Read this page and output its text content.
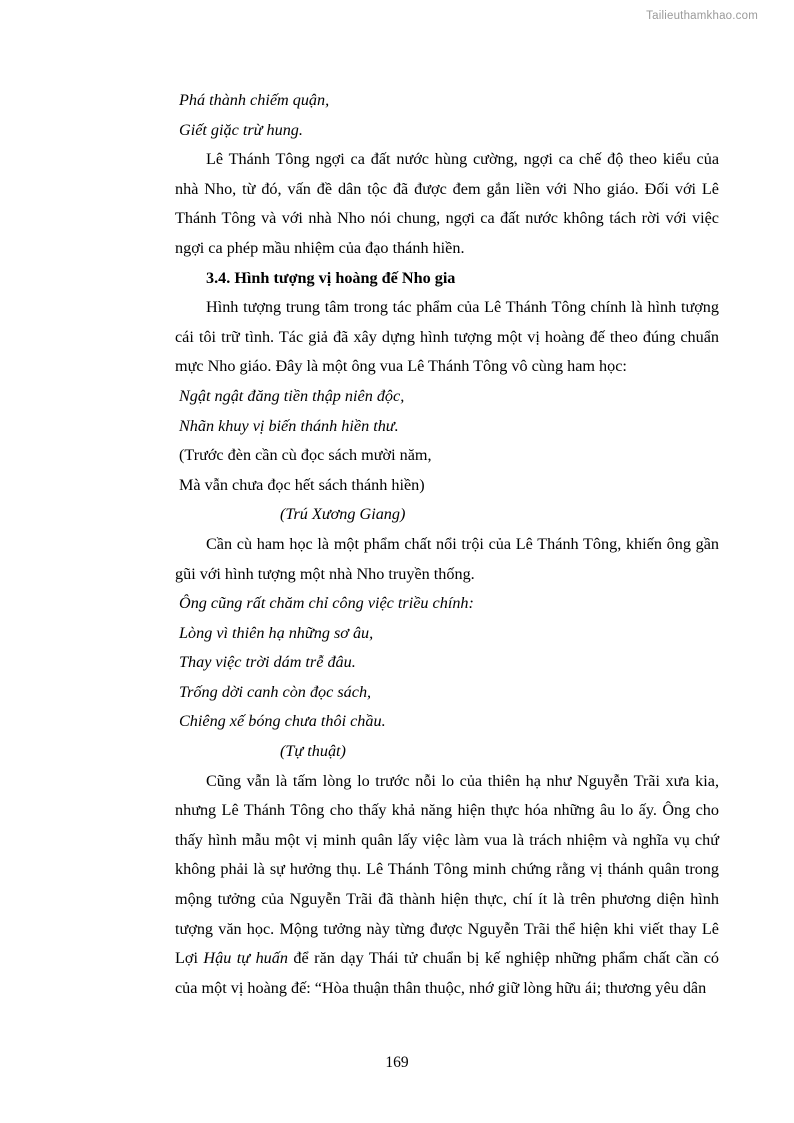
Tailieuthamkhao.com

Phá thành chiếm quận,

Giết giặc trừ hung.

Lê Thánh Tông ngợi ca đất nước hùng cường, ngợi ca chế độ theo kiểu của nhà Nho, từ đó, vấn đề dân tộc đã được đem gắn liền với Nho giáo. Đối với Lê Thánh Tông và với nhà Nho nói chung, ngợi ca đất nước không tách rời với việc ngợi ca phép mầu nhiệm của đạo thánh hiền.

3.4. Hình tượng vị hoàng đế Nho gia

Hình tượng trung tâm trong tác phẩm của Lê Thánh Tông chính là hình tượng cái tôi trữ tình. Tác giả đã xây dựng hình tượng một vị hoàng đế theo đúng chuẩn mực Nho giáo. Đây là một ông vua Lê Thánh Tông vô cùng ham học:

Ngật ngật đăng tiền thập niên độc,

Nhãn khuy vị biến thánh hiền thư.

(Trước đèn cần cù đọc sách mười năm,

Mà vẫn chưa đọc hết sách thánh hiền)

(Trú Xương Giang)

Cần cù ham học là một phẩm chất nổi trội của Lê Thánh Tông, khiến ông gần gũi với hình tượng một nhà Nho truyền thống.

Ông cũng rất chăm chỉ công việc triều chính:

Lòng vì thiên hạ những sơ âu,

Thay việc trời dám trễ đâu.

Trống dời canh còn đọc sách,

Chiêng xế bóng chưa thôi chầu.

(Tự thuật)

Cũng vẫn là tấm lòng lo trước nỗi lo của thiên hạ như Nguyễn Trãi xưa kia, nhưng Lê Thánh Tông cho thấy khả năng hiện thực hóa những âu lo ấy. Ông cho thấy hình mẫu một vị minh quân lấy việc làm vua là trách nhiệm và nghĩa vụ chứ không phải là sự hưởng thụ. Lê Thánh Tông minh chứng rằng vị thánh quân trong mộng tưởng của Nguyễn Trãi đã thành hiện thực, chí ít là trên phương diện hình tượng văn học. Mộng tưởng này từng được Nguyễn Trãi thể hiện khi viết thay Lê Lợi Hậu tự huấn để răn dạy Thái tử chuẩn bị kế nghiệp những phẩm chất cần có của một vị hoàng đế: “Hòa thuận thân thuộc, nhớ giữ lòng hữu ái; thương yêu dân

169
